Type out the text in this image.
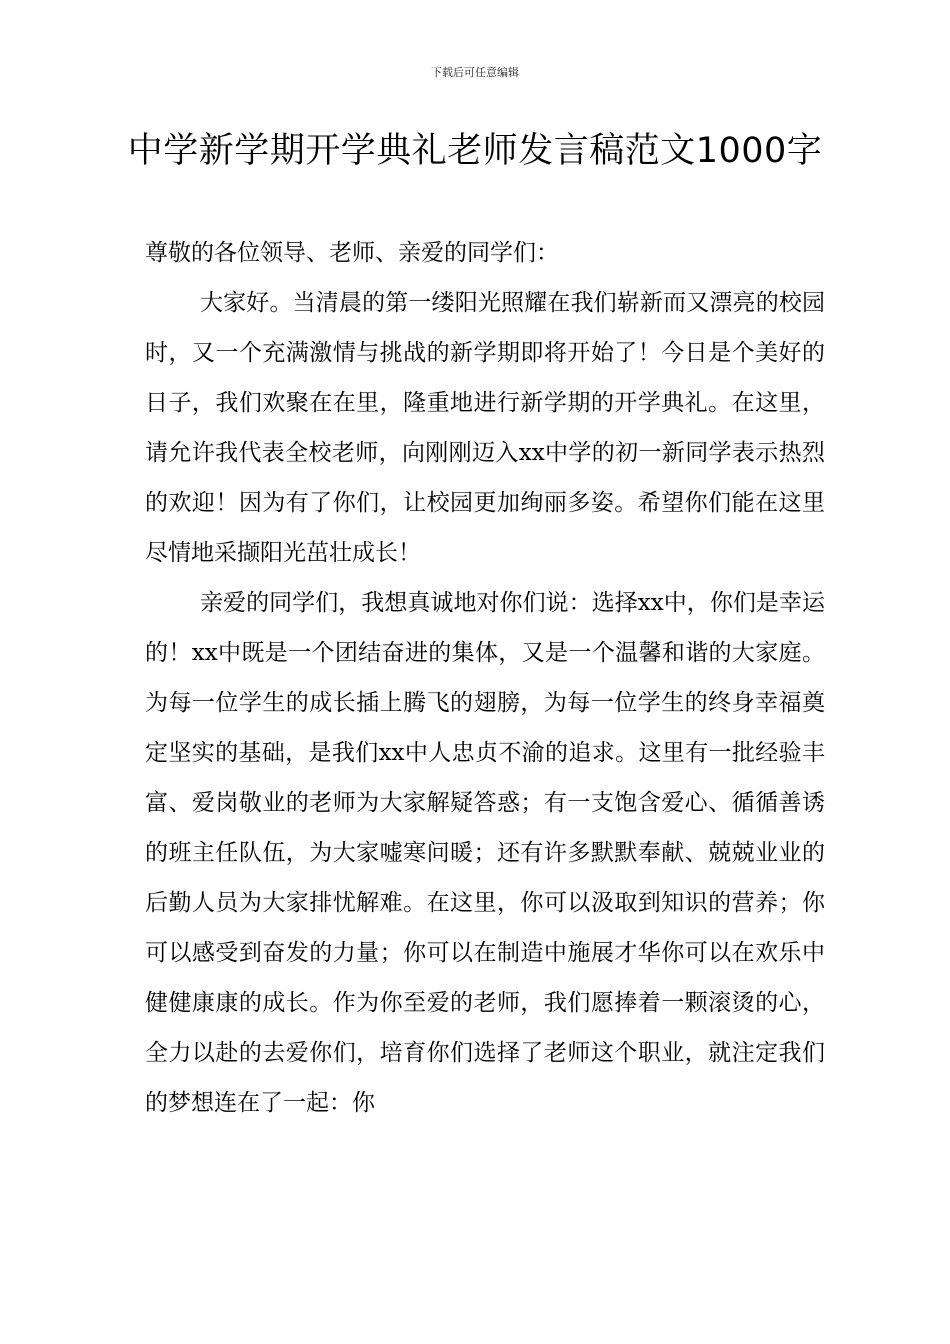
下载后可任意编辑
中学新学期开学典礼老师发言稿范文1000字

尊敬的各位领导、老师、亲爱的同学们：

大家好。当清晨的第一缕阳光照耀在我们崭新而又漂亮的校园时，又一个充满激情与挑战的新学期即将开始了！今日是个美好的日子，我们欢聚在在里，隆重地进行新学期的开学典礼。在这里，请允许我代表全校老师，向刚刚迈入xx中学的初一新同学表示热烈的欢迎！因为有了你们，让校园更加绚丽多姿。希望你们能在这里尽情地采撷阳光茁壮成长！

亲爱的同学们，我想真诚地对你们说：选择xx中，你们是幸运的！xx中既是一个团结奋进的集体，又是一个温馨和谐的大家庭。为每一位学生的成长插上腾飞的翅膀，为每一位学生的终身幸福奠定坚实的基础，是我们xx中人忠贞不渝的追求。这里有一批经验丰富、爱岗敬业的老师为大家解疑答惑；有一支饱含爱心、循循善诱的班主任队伍，为大家嘘寒问暖；还有许多默默奉献、兢兢业业的后勤人员为大家排忧解难。在这里，你可以汲取到知识的营养；你可以感受到奋发的力量；你可以在制造中施展才华你可以在欢乐中健健康康的成长。作为你至爱的老师，我们愿捧着一颗滚烫的心，全力以赴的去爱你们，培育你们选择了老师这个职业，就注定我们的梦想连在了一起：你
